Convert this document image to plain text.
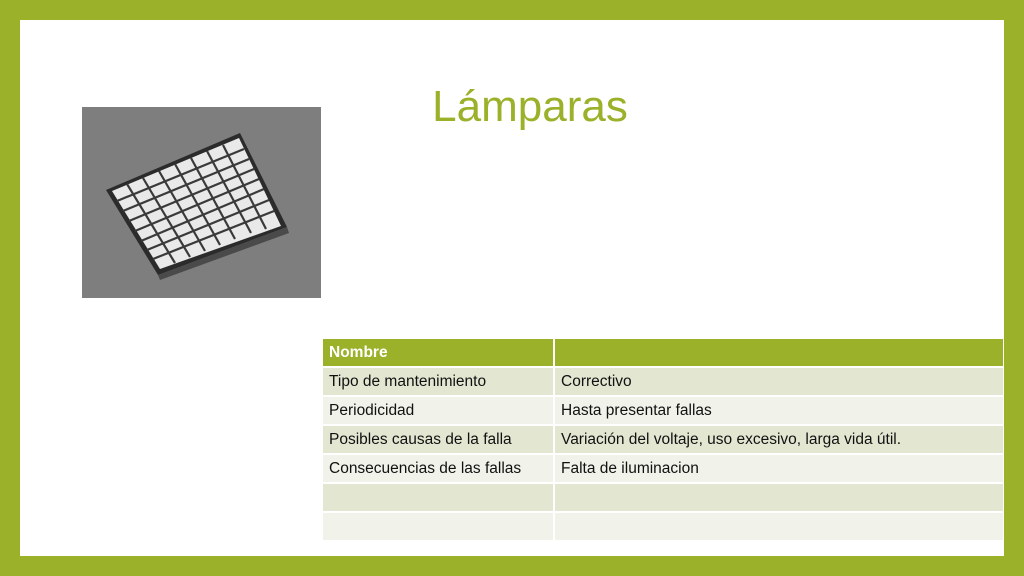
Lámparas
Nombre	
Tipo de mantenimiento	Correctivo
Periodicidad	Hasta presentar fallas
Posibles causas de la falla	Variación del voltaje, uso excesivo, larga vida útil.
Consecuencias de las fallas	Falta de iluminacion
